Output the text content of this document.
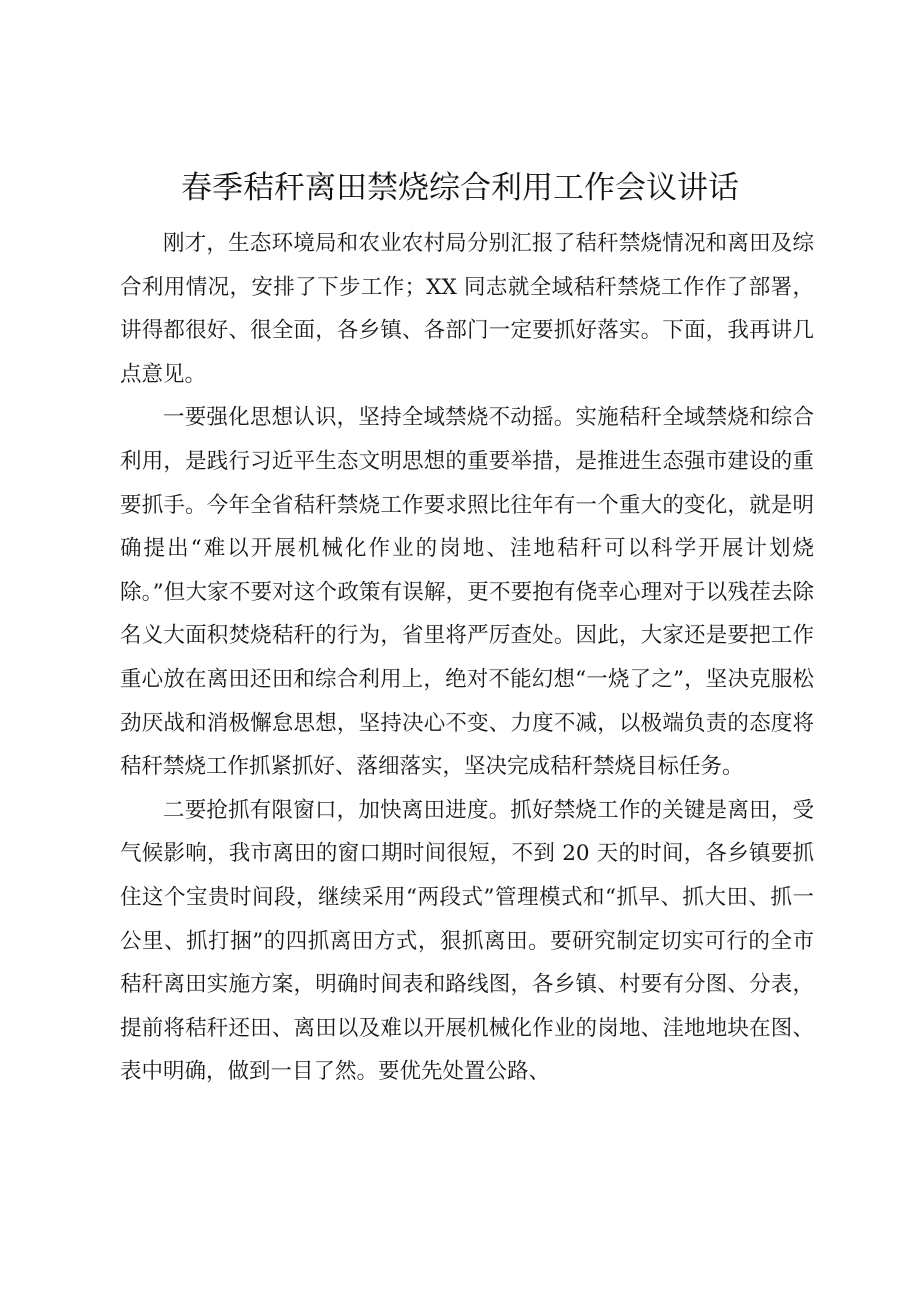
春季秸秆离田禁烧综合利用工作会议讲话

刚才，生态环境局和农业农村局分别汇报了秸秆禁烧情况和离田及综合利用情况，安排了下步工作；XX 同志就全域秸秆禁烧工作作了部署，讲得都很好、很全面，各乡镇、各部门一定要抓好落实。下面，我再讲几点意见。

一要强化思想认识，坚持全域禁烧不动摇。实施秸秆全域禁烧和综合利用，是践行习近平生态文明思想的重要举措，是推进生态强市建设的重要抓手。今年全省秸秆禁烧工作要求照比往年有一个重大的变化，就是明确提出“难以开展机械化作业的岗地、洼地秸秆可以科学开展计划烧除。”但大家不要对这个政策有误解，更不要抱有侥幸心理对于以残茬去除名义大面积焚烧秸秆的行为，省里将严厉查处。因此，大家还是要把工作重心放在离田还田和综合利用上，绝对不能幻想“一烧了之”，坚决克服松劲厌战和消极懈怠思想，坚持决心不变、力度不减，以极端负责的态度将秸秆禁烧工作抓紧抓好、落细落实，坚决完成秸秆禁烧目标任务。

二要抢抓有限窗口，加快离田进度。抓好禁烧工作的关键是离田，受气候影响，我市离田的窗口期时间很短，不到 20 天的时间，各乡镇要抓住这个宝贵时间段，继续采用“两段式”管理模式和“抓早、抓大田、抓一公里、抓打捆”的四抓离田方式，狠抓离田。要研究制定切实可行的全市秸秆离田实施方案，明确时间表和路线图，各乡镇、村要有分图、分表，提前将秸秆还田、离田以及难以开展机械化作业的岗地、洼地地块在图、表中明确，做到一目了然。要优先处置公路、
